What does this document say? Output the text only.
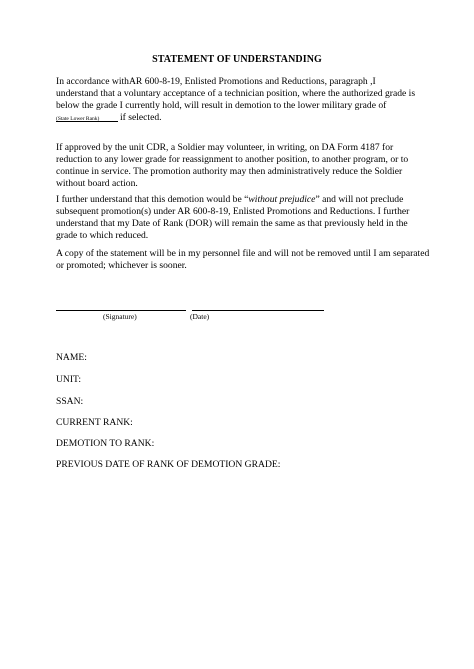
STATEMENT OF UNDERSTANDING
In accordance withAR 600-8-19, Enlisted Promotions and Reductions, paragraph ,I
understand that a voluntary acceptance of a technician position, where the authorized grade is
below the grade I currently hold, will result in demotion to the lower military grade of
if selected.
(State Lower Rank)
If approved by the unit CDR, a Soldier may volunteer, in writing, on DA Form 4187 for
reduction to any lower grade for reassignment to another position, to another program, or to
continue in service. The promotion authority may then administratively reduce the Soldier
without board action.
I further understand that this demotion would be “without prejudice” and will not preclude
subsequent promotion(s) under AR 600-8-19, Enlisted Promotions and Reductions. I further
understand that my Date of Rank (DOR) will remain the same as that previously held in the
grade to which reduced.
A copy of the statement will be in my personnel file and will not be removed until I am separated
or promoted; whichever is sooner.
(Signature)	(Date)
NAME:
UNIT:
SSAN:
CURRENT RANK:
DEMOTION TO RANK:
PREVIOUS DATE OF RANK OF DEMOTION GRADE:
